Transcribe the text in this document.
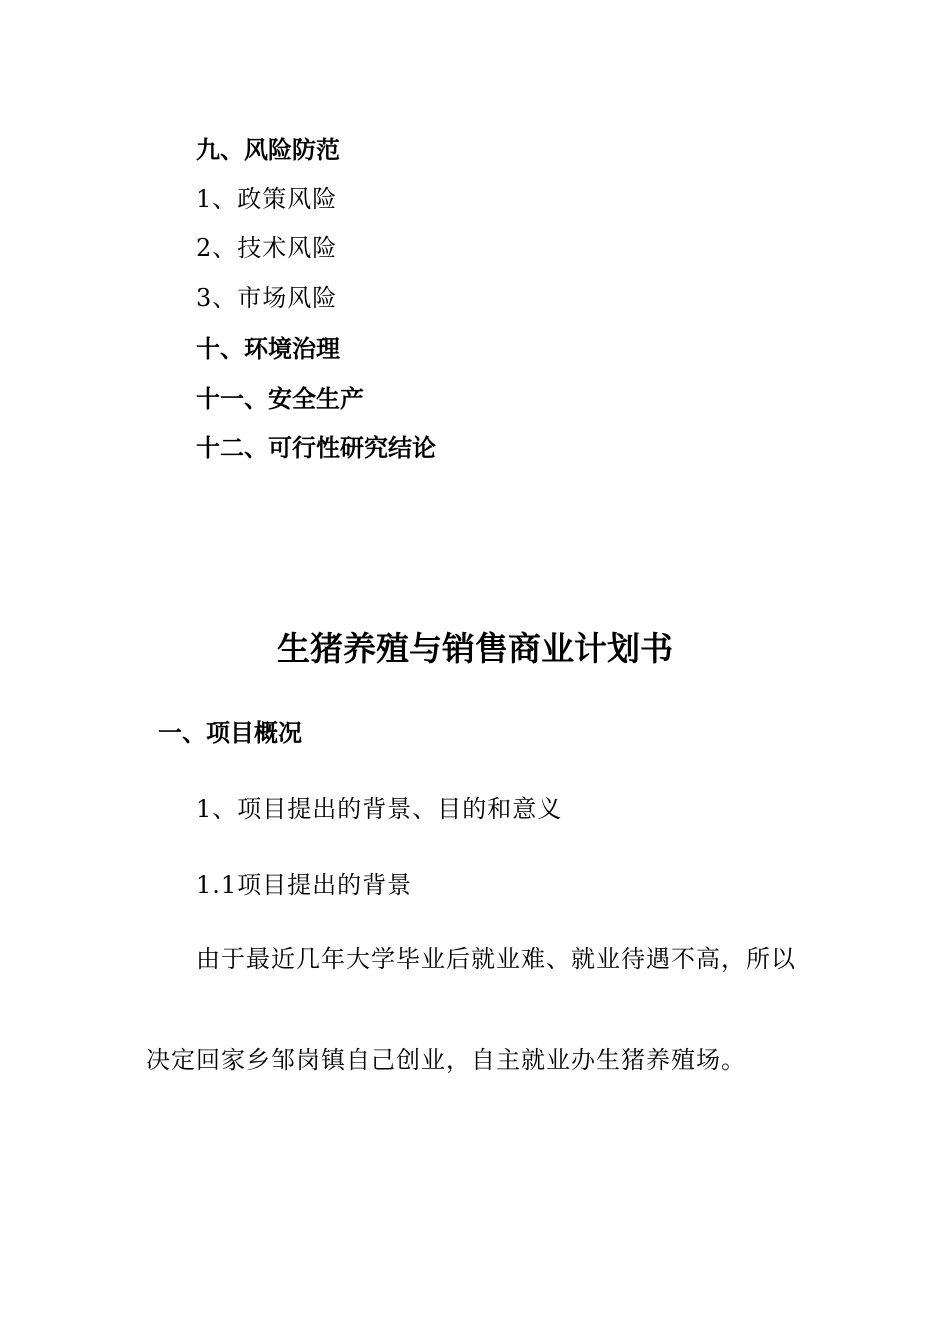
九、风险防范
1、政策风险
2、技术风险
3、市场风险
十、环境治理
十一、安全生产
十二、可行性研究结论
生猪养殖与销售商业计划书
一、项目概况
1、项目提出的背景、目的和意义
1.1项目提出的背景
由于最近几年大学毕业后就业难、就业待遇不高，所以
决定回家乡邹岗镇自己创业，自主就业办生猪养殖场。
